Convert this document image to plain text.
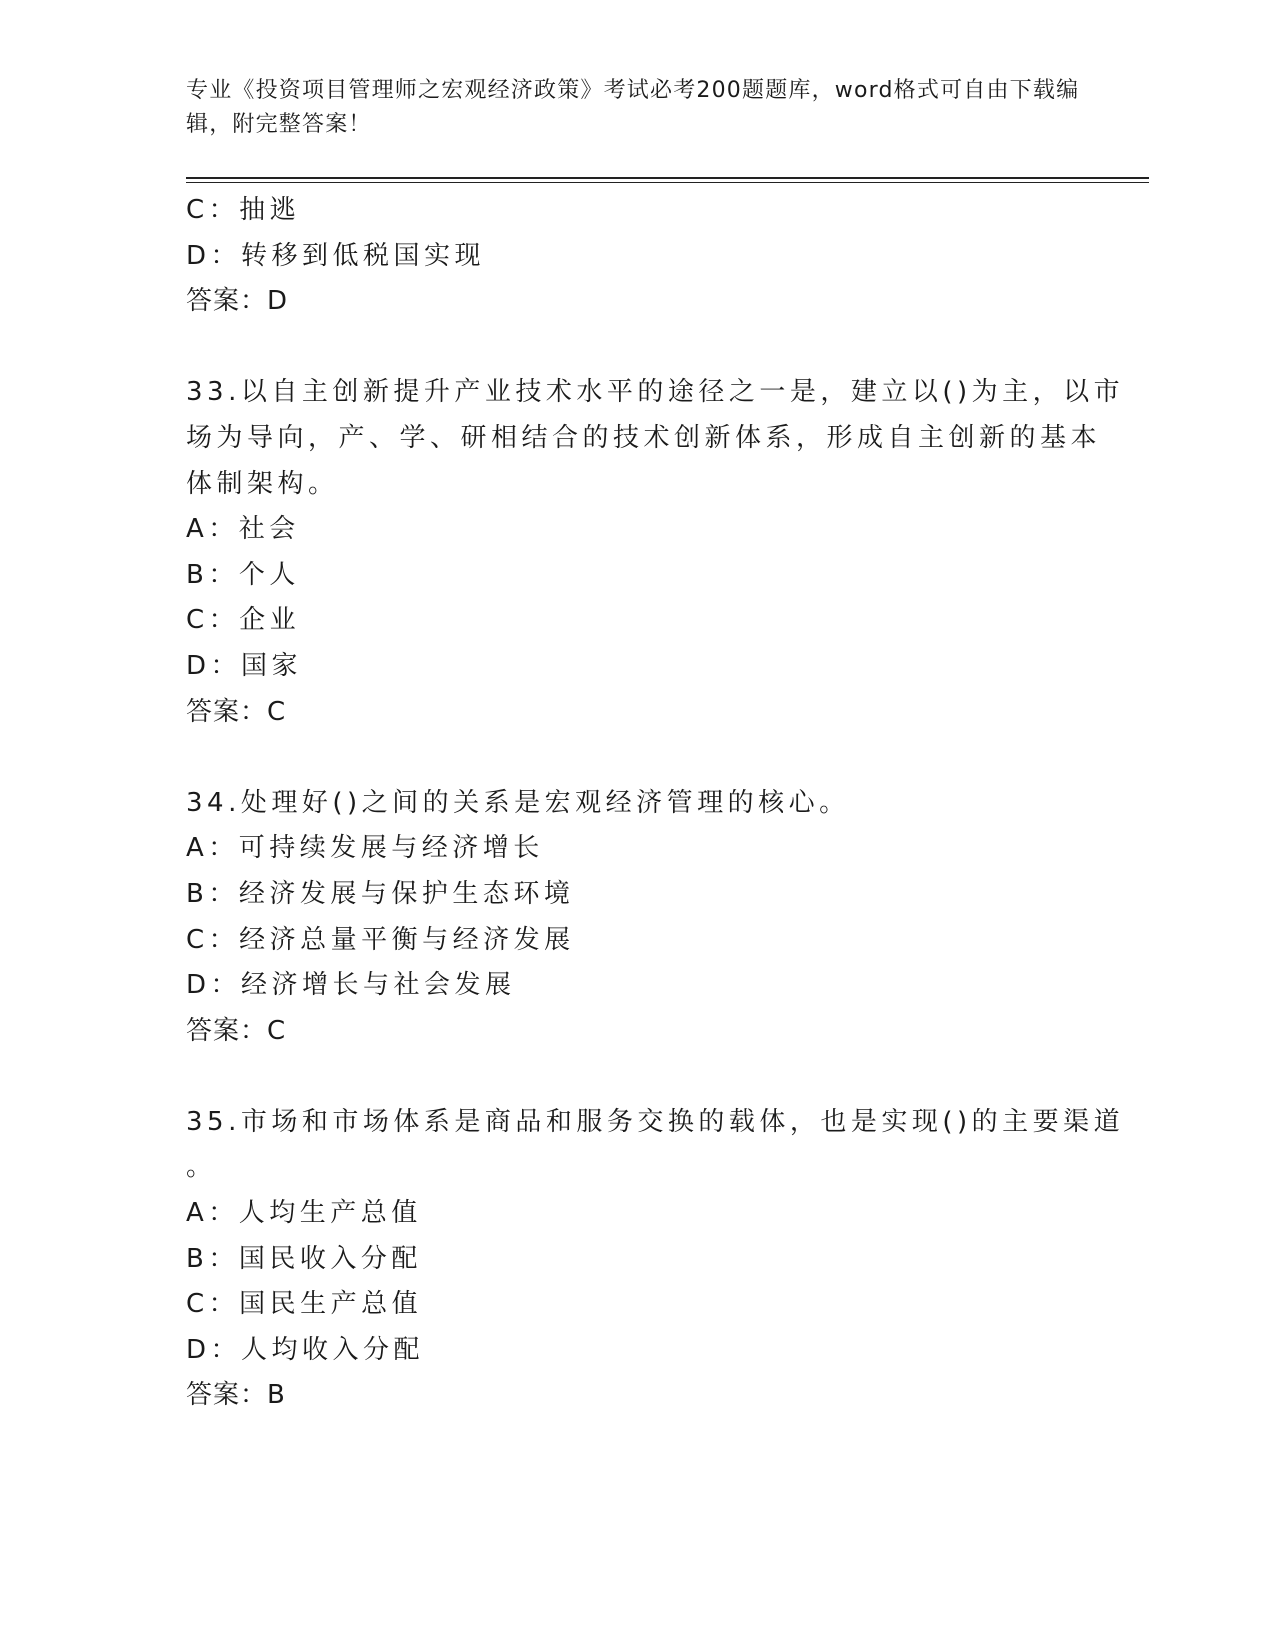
专业《投资项目管理师之宏观经济政策》考试必考200题题库，word格式可自由下载编辑，附完整答案！
C：抽逃
D：转移到低税国实现
答案：D
33.以自主创新提升产业技术水平的途径之一是，建立以()为主，以市
场为导向，产、学、研相结合的技术创新体系，形成自主创新的基本
体制架构。
A：社会
B：个人
C：企业
D：国家
答案：C
34.处理好()之间的关系是宏观经济管理的核心。
A：可持续发展与经济增长
B：经济发展与保护生态环境
C：经济总量平衡与经济发展
D：经济增长与社会发展
答案：C
35.市场和市场体系是商品和服务交换的载体，也是实现()的主要渠道
。
A：人均生产总值
B：国民收入分配
C：国民生产总值
D：人均收入分配
答案：B
